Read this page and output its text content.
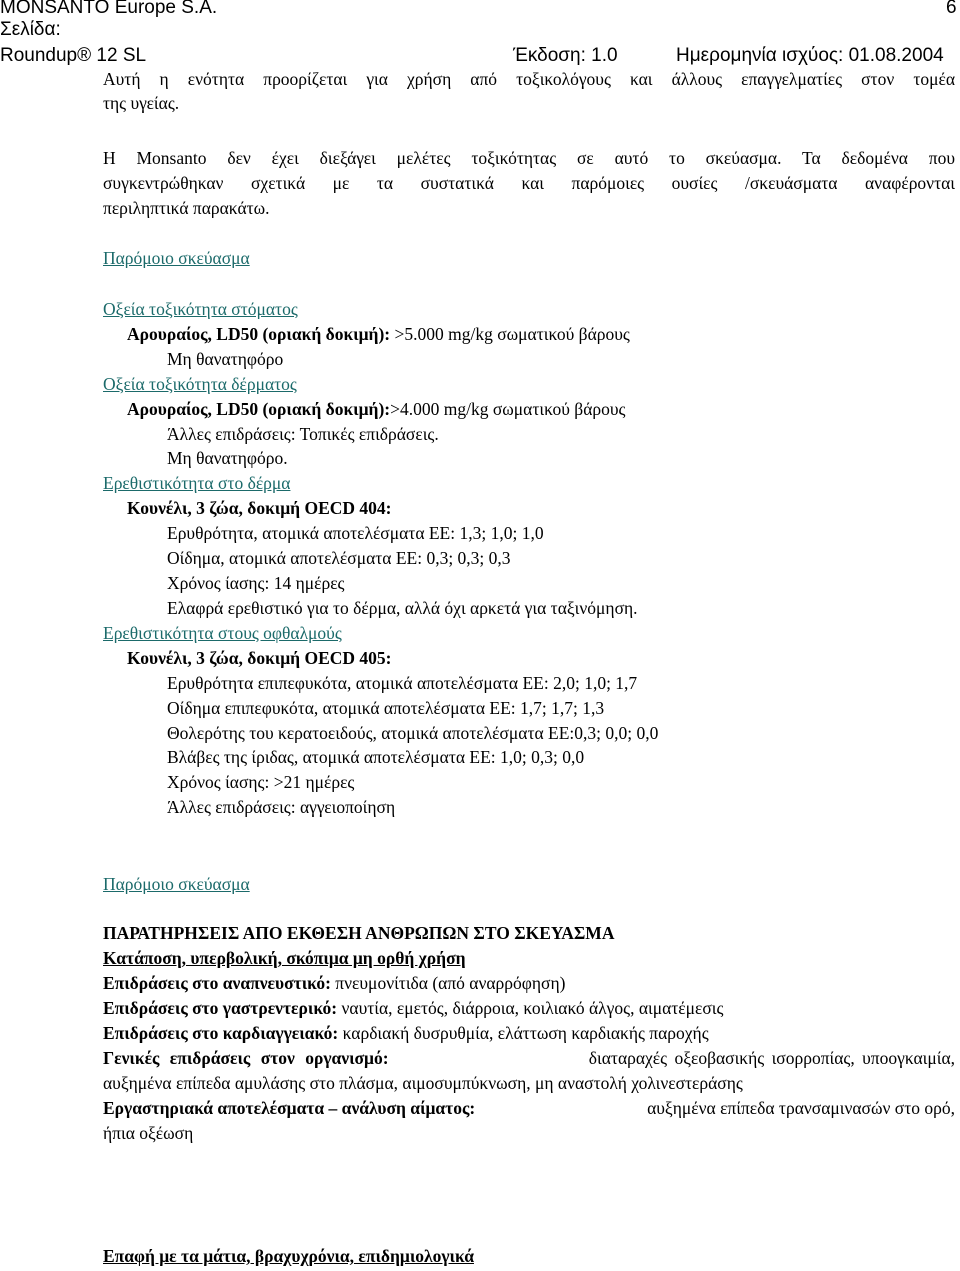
MONSANTO Europe S.A.
Σελίδα:
6
Roundup® 12 SL	Έκδοση: 1.0	Ημερομηνία ισχύος: 01.08.2004
Αυτή η ενότητα προορίζεται για χρήση από τοξικολόγους και άλλους επαγγελματίες στον τομέα
της υγείας.
Η Monsanto δεν έχει διεξάγει μελέτες τοξικότητας σε αυτό το σκεύασμα. Τα δεδομένα που
συγκεντρώθηκαν σχετικά με τα συστατικά και παρόμοιες ουσίες /σκευάσματα αναφέρονται
περιληπτικά παρακάτω.
Παρόμοιο σκεύασμα
Οξεία τοξικότητα στόματος
Αρουραίος, LD50 (οριακή δοκιμή): >5.000 mg/kg σωματικού βάρους
Μη θανατηφόρο
Οξεία τοξικότητα δέρματος
Αρουραίος, LD50 (οριακή δοκιμή):>4.000 mg/kg σωματικού βάρους
Άλλες επιδράσεις: Τοπικές επιδράσεις.
Μη θανατηφόρο.
Ερεθιστικότητα στο δέρμα
Κουνέλι, 3 ζώα, δοκιμή OECD 404:
Ερυθρότητα, ατομικά αποτελέσματα ΕΕ: 1,3; 1,0; 1,0
Οίδημα, ατομικά αποτελέσματα ΕΕ: 0,3; 0,3; 0,3
Χρόνος ίασης: 14 ημέρες
Ελαφρά ερεθιστικό για το δέρμα, αλλά όχι αρκετά για ταξινόμηση.
Ερεθιστικότητα στους οφθαλμούς
Κουνέλι, 3 ζώα, δοκιμή OECD 405:
Ερυθρότητα επιπεφυκότα, ατομικά αποτελέσματα ΕΕ: 2,0; 1,0; 1,7
Οίδημα επιπεφυκότα, ατομικά αποτελέσματα ΕΕ: 1,7; 1,7; 1,3
Θολερότης του κερατοειδούς, ατομικά αποτελέσματα ΕΕ:0,3; 0,0; 0,0
Βλάβες της ίριδας, ατομικά αποτελέσματα ΕΕ: 1,0; 0,3; 0,0
Χρόνος ίασης: >21 ημέρες
Άλλες επιδράσεις: αγγειοποίηση
Παρόμοιο σκεύασμα
ΠΑΡΑΤΗΡΗΣΕΙΣ ΑΠΟ ΕΚΘΕΣΗ ΑΝΘΡΩΠΩΝ ΣΤΟ ΣΚΕΥΑΣΜΑ
Κατάποση, υπερβολική, σκόπιμα μη ορθή χρήση
Επιδράσεις στο αναπνευστικό: πνευμονίτιδα (από αναρρόφηση)
Επιδράσεις στο γαστρεντερικό: ναυτία, εμετός, διάρροια, κοιλιακό άλγος, αιματέμεσις
Επιδράσεις στο καρδιαγγειακό: καρδιακή δυσρυθμία, ελάττωση καρδιακής παροχής
Γενικές επιδράσεις στον οργανισμό:	διαταραχές οξεοβασικής ισορροπίας, υποογκαιμία,
αυξημένα επίπεδα αμυλάσης στο πλάσμα, αιμοσυμπύκνωση, μη αναστολή χολινεστεράσης
Εργαστηριακά αποτελέσματα – ανάλυση αίματος:	αυξημένα επίπεδα τρανσαμινασών στο ορό,
ήπια οξέωση
Επαφή με τα μάτια, βραχυχρόνια, επιδημιολογικά
